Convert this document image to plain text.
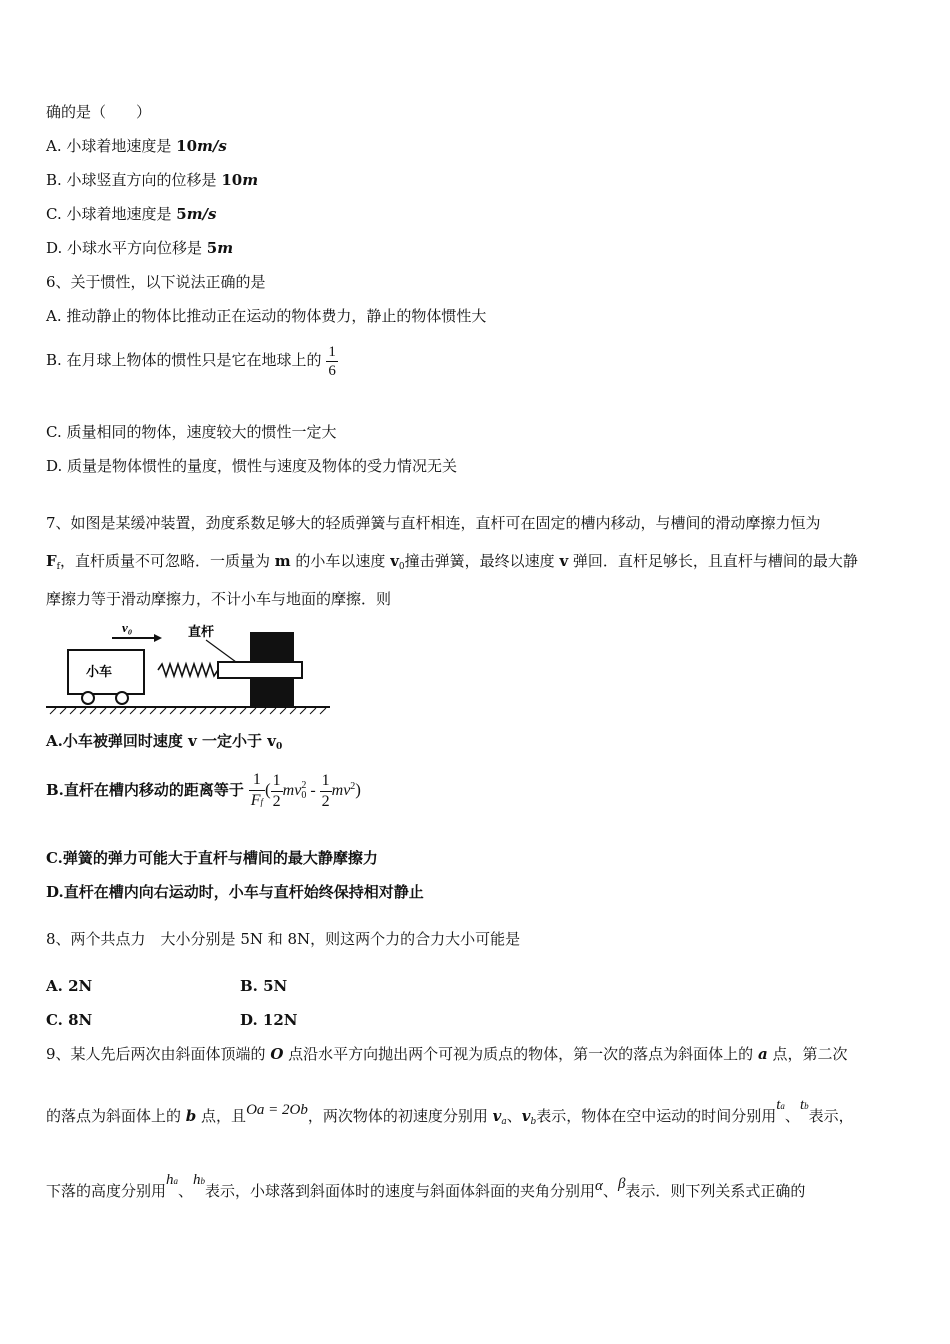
确的是（　　）
A. 小球着地速度是 10m/s
B. 小球竖直方向的位移是 10m
C. 小球着地速度是 5m/s
D. 小球水平方向位移是 5m
6、关于惯性，以下说法正确的是
A. 推动静止的物体比推动正在运动的物体费力，静止的物体惯性大
B. 在月球上物体的惯性只是它在地球上的 $\frac{1}{6}$
C. 质量相同的物体，速度较大的惯性一定大
D. 质量是物体惯性的量度，惯性与速度及物体的受力情况无关
7、如图是某缓冲装置，劲度系数足够大的轻质弹簧与直杆相连，直杆可在固定的槽内移动，与槽间的滑动摩擦力恒为
$F_f$，直杆质量不可忽略．一质量为 m 的小车以速度 $v_0$撞击弹簧，最终以速度 v 弹回．直杆足够长，且直杆与槽间的最大静
摩擦力等于滑动摩擦力，不计小车与地面的摩擦．则
v₀	直杆
小车
A.小车被弹回时速度 v 一定小于 $v_0$
B.直杆在槽内移动的距离等于 $\frac{1}{Ff}$ ( $\frac{1}{2}$ mv 2
$0 - \frac{1}{2} mv^2$)
C.弹簧的弹力可能大于直杆与槽间的最大静摩擦力
D.直杆在槽内向右运动时，小车与直杆始终保持相对静止
8、两个共点力　大小分别是 5N 和 8N，则这两个力的合力大小可能是
A. 2N	B. 5N
C. 8N	D. 12N
9、某人先后两次由斜面体顶端的 O 点沿水平方向抛出两个可视为质点的物体，第一次的落点为斜面体上的 a 点，第二次
的落点为斜面体上的 b 点，且Oa = 2Ob，两次物体的初速度分别用 $v_a$、$v_b$表示，物体在空中运动的时间分别用ta、tb表示，
下落的高度分别用ha、hb表示，小球落到斜面体时的速度与斜面体斜面的夹角分别用α、β表示．则下列关系式正确的
